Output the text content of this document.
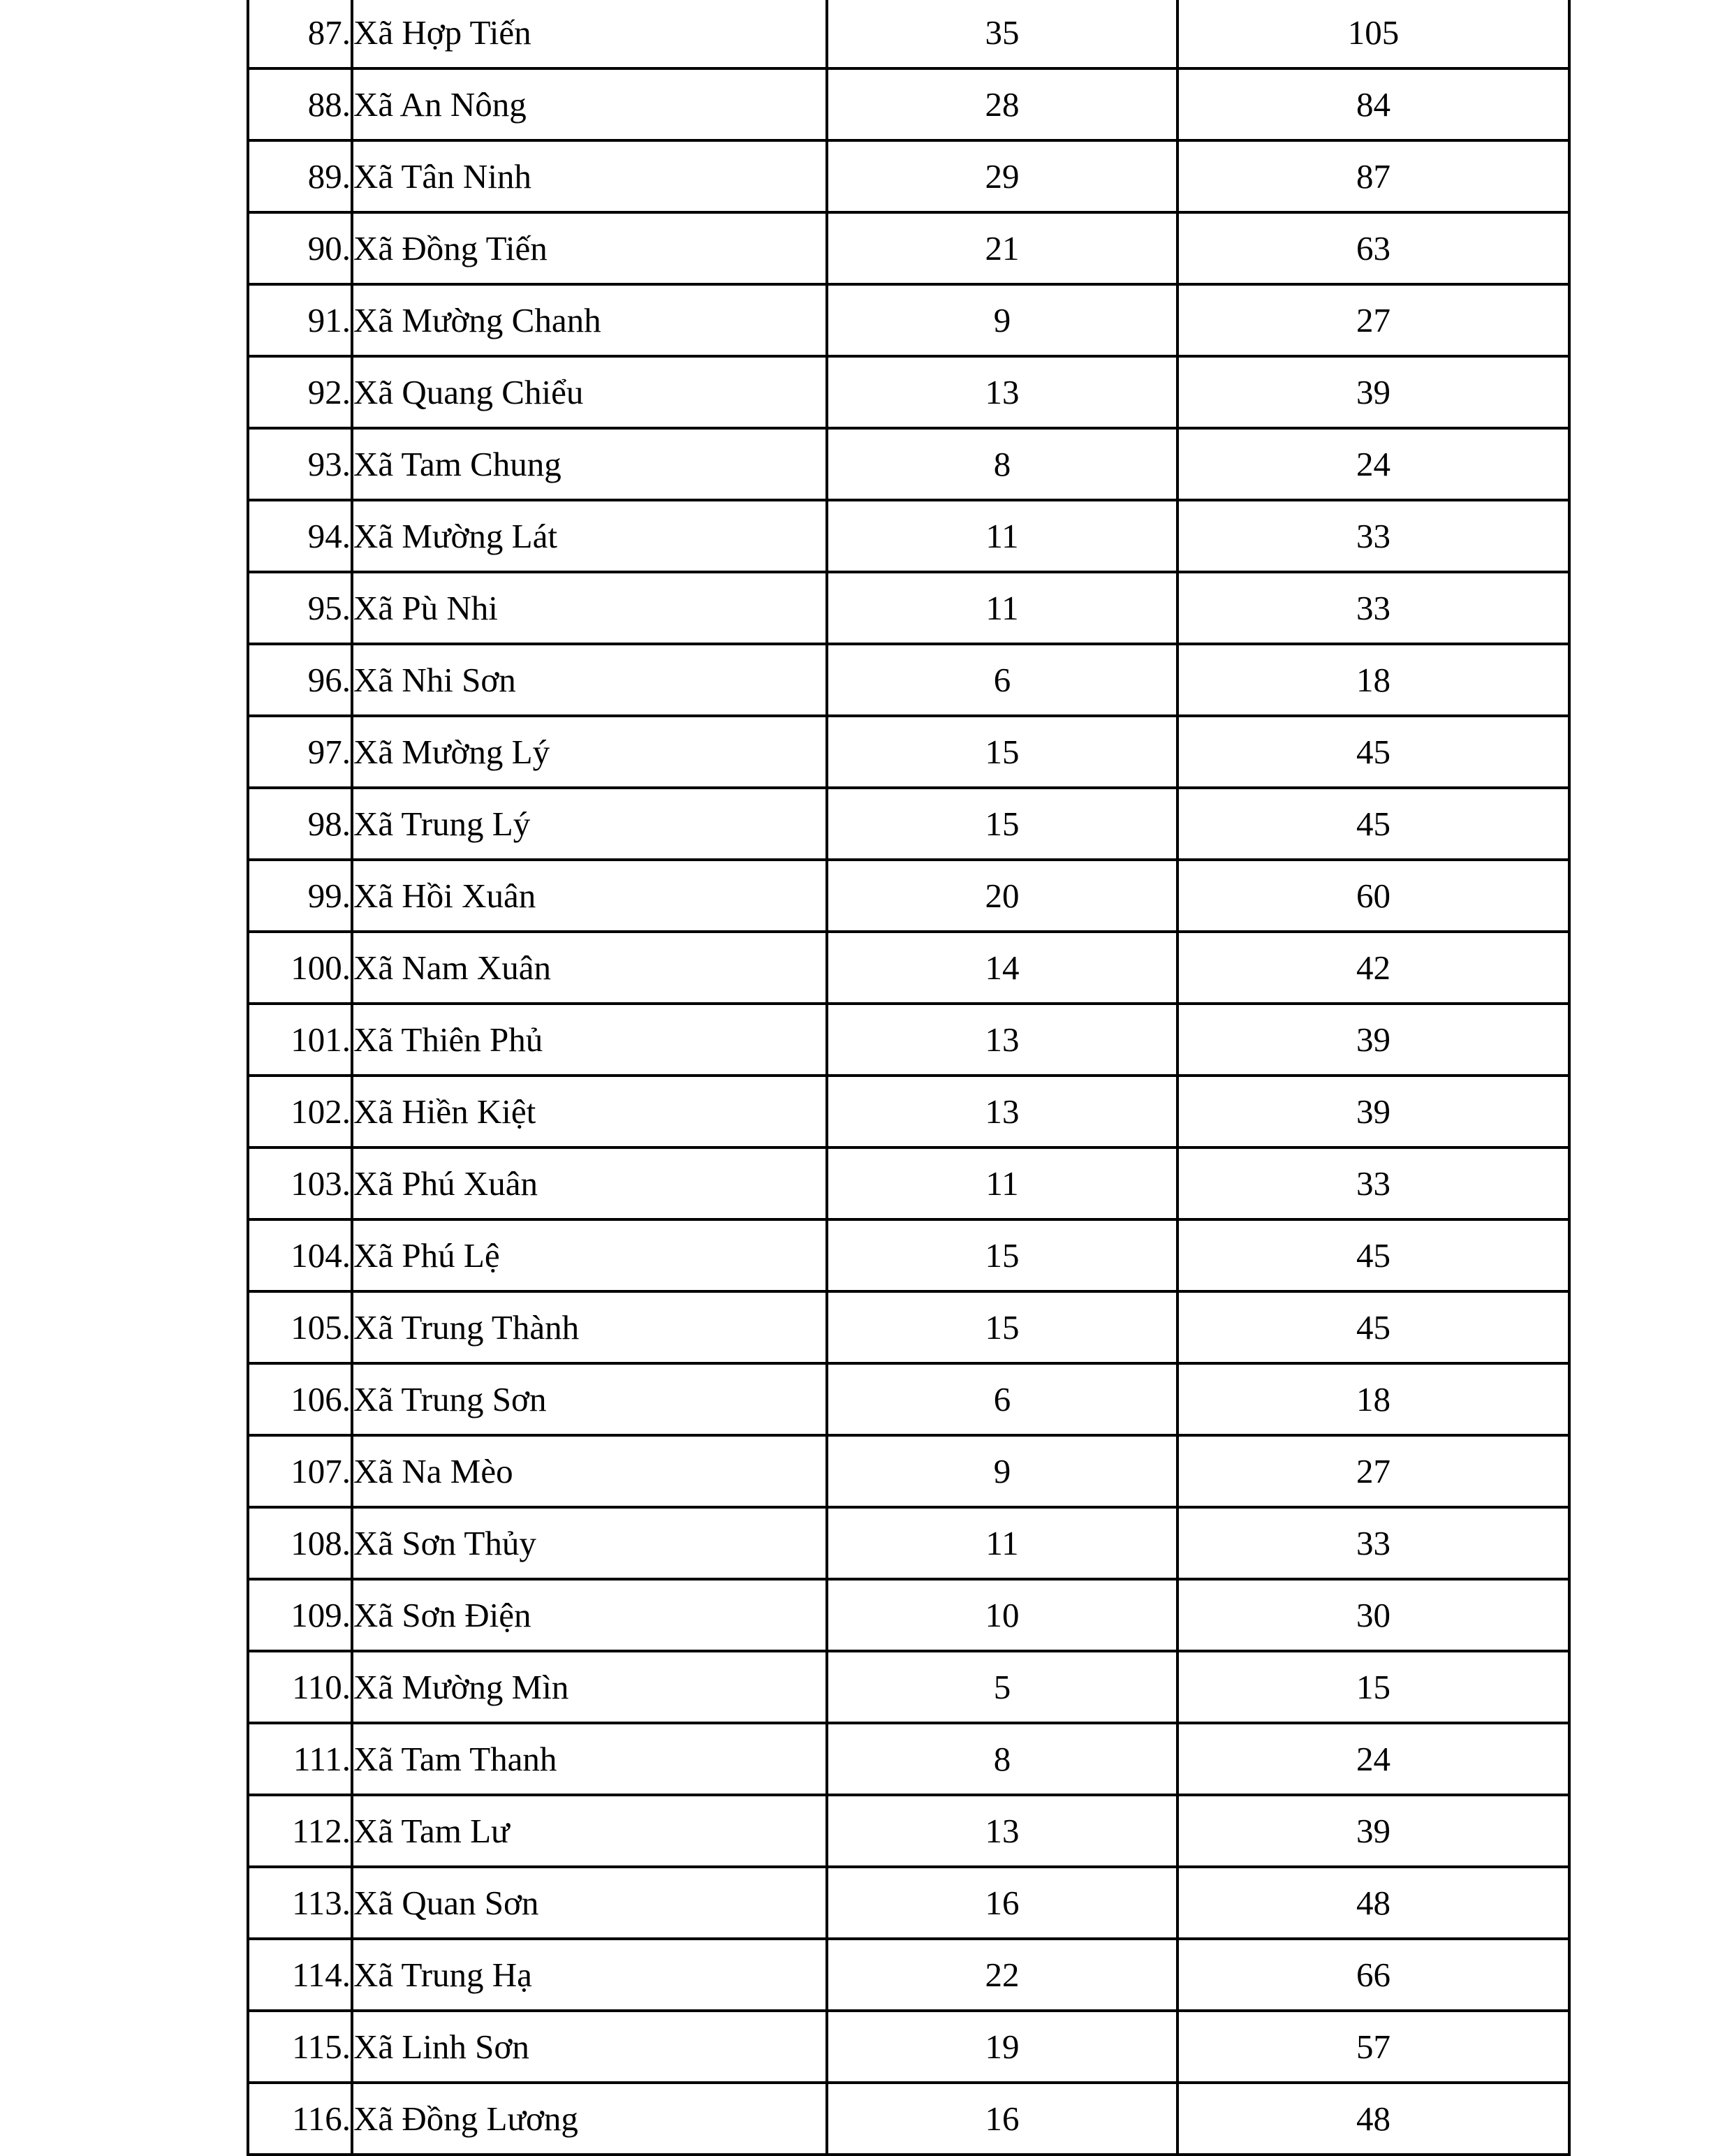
87.	Xã Hợp Tiến	35	105
88.	Xã An Nông	28	84
89.	Xã Tân Ninh	29	87
90.	Xã Đồng Tiến	21	63
91.	Xã Mường Chanh	9	27
92.	Xã Quang Chiểu	13	39
93.	Xã Tam Chung	8	24
94.	Xã Mường Lát	11	33
95.	Xã Pù Nhi	11	33
96.	Xã Nhi Sơn	6	18
97.	Xã Mường Lý	15	45
98.	Xã Trung Lý	15	45
99.	Xã Hồi Xuân	20	60
100.	Xã Nam Xuân	14	42
101.	Xã Thiên Phủ	13	39
102.	Xã Hiền Kiệt	13	39
103.	Xã Phú Xuân	11	33
104.	Xã Phú Lệ	15	45
105.	Xã Trung Thành	15	45
106.	Xã Trung Sơn	6	18
107.	Xã Na Mèo	9	27
108.	Xã Sơn Thủy	11	33
109.	Xã Sơn Điện	10	30
110.	Xã Mường Mìn	5	15
111.	Xã Tam Thanh	8	24
112.	Xã Tam Lư	13	39
113.	Xã Quan Sơn	16	48
114.	Xã Trung Hạ	22	66
115.	Xã Linh Sơn	19	57
116.	Xã Đồng Lương	16	48
